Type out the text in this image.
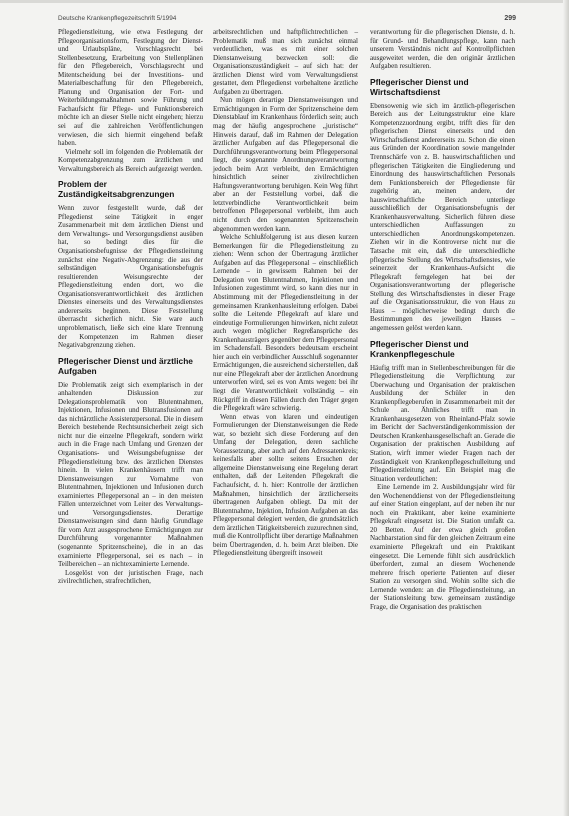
Deutsche Krankenpflegezeitschrift 5/1994	299

Pflegedienstleitung, wie etwa Festlegung der Pflegeorganisationsform, Festlegung der Dienst- und Urlaubspläne, Vorschlagsrecht bei Stellenbesetzung, Erarbeitung von Stellenplänen für den Pflegebereich, Vorschlagsrecht und Mitentscheidung bei der Investitions- und Materialbeschaffung für den Pflegebereich, Planung und Organisation der Fort- und Weiterbildungsmaßnahmen sowie Führung und Fachaufsicht für Pflege- und Funktionsbereich möchte ich an dieser Stelle nicht eingehen; hierzu sei auf die zahlreichen Veröffentlichungen verwiesen, die sich hiermit eingehend befaßt haben.

Vielmehr soll im folgenden die Problematik der Kompetenzabgrenzung zum ärztlichen und Verwaltungsbereich als Bereich aufgezeigt werden.

Problem der Zuständigkeitsabgrenzungen

Wenn zuvor festgestellt wurde, daß der Pflegedienst seine Tätigkeit in enger Zusammenarbeit mit dem ärztlichen Dienst und dem Verwaltungs- und Versorgungsdienst ausüben hat, so bedingt dies für die Organisationsbefugnisse der Pflegedienstleitung zunächst eine Negativ-Abgrenzung: die aus der selbständigen Organisationsbefugnis resultierenden Weisungsrechte der Pflegedienstleitung enden dort, wo die Organisationsverantwortlichkeit des ärztlichen Dienstes einerseits und des Verwaltungsdienstes andererseits beginnen. Diese Feststellung überrascht sicherlich nicht. Sie ware auch unproblematisch, ließe sich eine klare Trennung der Kompetenzen im Rahmen dieser Negativabgrenzung ziehen.

Pflegerischer Dienst und ärztliche Aufgaben

Die Problematik zeigt sich exemplarisch in der anhaltenden Diskussion zur Delegationsproblematik von Blutentnahmen, Injektionen, Infusionen und Blutransfusionen auf das nichtärztliche Assistenzpersonal. Die in diesem Bereich bestehende Rechtsunsicherheit zeigt sich nicht nur die einzelne Pflegekraft, sondern wirkt auch in die Frage nach Umfang und Grenzen der Organisations- und Weisungsbefugnisse der Pflegedienstleitung bzw. des ärztlichen Dienstes hinein. In vielen Krankenhäusern trifft man Dienstanweisungen zur Vornahme von Blutentnahmen, Injektionen und Infusionen durch examiniertes Pflegepersonal an – in den meisten Fällen unterzeichnet vom Leiter des Verwaltungs- und Versorgungsdienstes. Derartige Dienstanweisungen sind dann häufig Grundlage für vom Arzt ausgesprochene Ermächtigungen zur Durchführung vorgenannter Maßnahmen (sogenannte Spritzenscheine), die in an das examinierte Pflegepersonal, sei es nach – in Teilbereichen – an nichtexaminierte Lernende.

Losgelöst von der juristischen Frage, nach zivilrechtlichen, strafrechtlichen,

arbeitsrechtlichen und haftpflichtrechtlichen – Problematik muß man sich zunächst einmal verdeutlichen, was es mit einer solchen Dienstanweisung bezwecken soll: die Organisationszuständigkeit – auf sich hat: der ärztlichen Dienst wird vom Verwaltungsdienst gestattet, dem Pflegedienst vorbehaltene ärztliche Aufgaben zu übertragen.

Nun mögen derartige Dienstanweisungen und Ermächtigungen in Form der Spritzenscheine dem Dienstablauf im Krankenhaus förderlich sein; auch mag der häufig angesprochene „juristische“ Hinweis darauf, daß im Rahmen der Delegation ärztlicher Aufgaben auf das Pflegepersonal die Durchführungsverantwortung beim Pflegepersonal liegt, die sogenannte Anordnungsverantwortung jedoch beim Arzt verbleibt, den Ermächtigten hinsichtlich seiner zivilrechtlichen Haftungsverantwortung beruhigen. Kein Weg führt aber an der Feststellung vorbei, daß die letztverbindliche Verantwortlichkeit beim betroffenen Pflegepersonal verbleibt, ihm auch nicht durch den sogenannten Spritzenschein abgenommen werden kann.

Welche Schlußfolgerung ist aus diesen kurzen Bemerkungen für die Pflegedienstleitung zu ziehen: Wenn schon der Übertragung ärztlicher Aufgaben auf das Pflegepersonal – einschließlich Lernende – in gewissem Rahmen bei der Delegation von Blutentnahmen, Injektionen und Infusionen zugestimmt wird, so kann dies nur in Abstimmung mit der Pflegedienstleitung in der gemeinsamen Krankenhausleitung erfolgen. Dabei sollte die Leitende Pflegekraft auf klare und eindeutige Formulierungen hinwirken, nicht zuletzt auch wegen möglicher Regreßansprüche des Krankenhausträgers gegenüber dem Pflegepersonal im Schadensfall. Besonders bedeutsam erscheint hier auch ein verbindlicher Ausschluß sogenannter Ermächtigungen, die ausreichend sicherstellen, daß nur eine Pflegekraft aber der ärztlichen Anordnung unterworfen wird, sei es von Amts wegen: bei ihr liegt die Verantwortlichkeit vollständig – ein Rückgriff in diesen Fällen durch den Träger gegen die Pflegekraft wäre schwierig.

Wenn etwas von klaren und eindeutigen Formulierungen der Dienstanweisungen die Rede war, so bezieht sich diese Forderung auf den Umfang der Delegation, deren sachliche Voraussetzung, aber auch auf den Adressatenkreis; keinesfalls aber sollte seitens Ersuchen der allgemeine Dienstanweisung eine Regelung derart enthalten, daß der Leitenden Pflegekraft die Fachaufsicht, d. h. hier: Kontrolle der ärztlichen Maßnahmen, hinsichtlich der ärztlicherseits übertragenen Aufgaben obliegt. Da mit der Blutentnahme, Injektion, Infusion Aufgaben an das Pflegepersonal delegiert werden, die grundsätzlich dem ärztlichen Tätigkeitsbereich zuzurechnen sind, muß die Kontrollpflicht über derartige Maßnahmen beim Übertragenden, d. h. beim Arzt bleiben. Die Pflegedienstleitung übergreift insoweit

verantwortung für die pflegerischen Dienste, d. h. für Grund- und Behandlungspflege, kann nach unserem Verständnis nicht auf Kontrollpflichten ausgeweitet werden, die den originär ärztlichen Aufgaben resultieren.

Pflegerischer Dienst und Wirtschaftsdienst

Ebensowenig wie sich im ärztlich-pflegerischen Bereich aus der Leitungsstruktur eine klare Kompetenzzuordnung ergibt, trifft dies für den pflegerischen Dienst einerseits und den Wirtschaftsdienst andererseits zu. Schon die einen aus Gründen der Koordination sowie mangelnder Trennschärfe von z. B. hauswirtschaftlichen und pflegerischen Tätigkeiten die Eingliederung und Einordnung des hauswirtschaftlichen Personals dem Funktionsbereich der Pflegedienste für zugehörig an, meinen andere, der hauswirtschaftliche Bereich unterliege ausschließlich der Organisationsbefugnis der Krankenhausverwaltung. Sicherlich führen diese unterschiedlichen Auffassungen zu unterschiedlichen Anordnungskompetenzen. Ziehen wir in die Kontroverse nicht nur die Tatsache mit ein, daß die unterschiedliche pflegerische Stellung des Wirtschaftsdienstes, wie seinerzeit der Krankenhaus-Aufsicht die Pflegekraft ferngelegen hat bei der Organisationsverantwortung der pflegerische Stellung des Wirtschaftsdienstes in dieser Frage auf die Organisationsstruktur, die von Haus zu Haus – möglicherweise bedingt durch die Bestimmungen des jeweiligen Hauses – angemessen gelöst werden kann.

Pflegerischer Dienst und Krankenpflegeschule

Häufig trifft man in Stellenbeschreibungen für die Pflegedienstleitung die Verpflichtung zur Überwachung und Organisation der praktischen Ausbildung der Schüler in den Krankenpflegeberufen in Zusammenarbeit mit der Schule an. Ähnliches trifft man in Krankenhausgesetzen von Rheinland-Pfalz sowie im Bericht der Sachverständigenkommission der Deutschen Krankenhausgesellschaft an. Gerade die Organisation der praktischen Ausbildung auf Station, wirft immer wieder Fragen nach der Zuständigkeit von Krankenpflegeschulleitung und Pflegedienstleitung auf. Ein Beispiel mag die Situation verdeutlichen:

Eine Lernende im 2. Ausbildungsjahr wird für den Wochenenddienst von der Pflegedienstleitung auf einer Station eingeplant, auf der neben ihr nur noch ein Praktikant, aber keine examinierte Pflegekraft eingesetzt ist. Die Station umfaßt ca. 20 Betten. Auf der etwa gleich großen Nachbarstation sind für den gleichen Zeitraum eine examinierte Pflegekraft und ein Praktikant eingesetzt. Die Lernende fühlt sich ausdrücklich überfordert, zumal an diesem Wochenende mehrere frisch operierte Patienten auf dieser Station zu versorgen sind. Wohin sollte sich die Lernende wenden: an die Pflegedienstleitung, an der Stationsleitung bzw. gemeinsam zuständige Frage, die Organisation des praktischen
